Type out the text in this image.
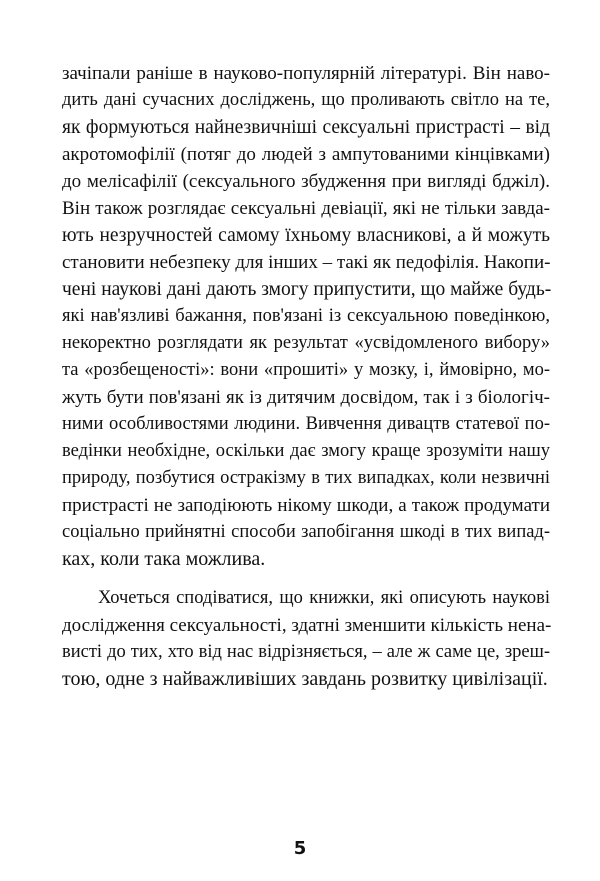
зачіпали раніше в науково-популярній літературі. Він наво-
дить дані сучасних досліджень, що проливають світло на те,
як формуються найнезвичніші сексуальні пристрасті – від
акротомофілії (потяг до людей з ампутованими кінцівками)
до мелісафілії (сексуального збудження при вигляді бджіл).
Він також розглядає сексуальні девіації, які не тільки завда-
ють незручностей самому їхньому власникові, а й можуть
становити небезпеку для інших – такі як педофілія. Накопи-
чені наукові дані дають змогу припустити, що майже будь-
які нав'язливі бажання, пов'язані із сексуальною поведінкою,
некоректно розглядати як результат «усвідомленого вибору»
та «розбещеності»: вони «прошиті» у мозку, і, ймовірно, мо-
жуть бути пов'язані як із дитячим досвідом, так і з біологіч-
ними особливостями людини. Вивчення дивацтв статевої по-
ведінки необхідне, оскільки дає змогу краще зрозуміти нашу
природу, позбутися остракізму в тих випадках, коли незвичні
пристрасті не заподіюють нікому шкоди, а також продумати
соціально прийнятні способи запобігання шкоді в тих випад-
ках, коли така можлива.
Хочеться сподіватися, що книжки, які описують наукові
дослідження сексуальності, здатні зменшити кількість нена-
висті до тих, хто від нас відрізняється, – але ж саме це, зреш-
тою, одне з найважливіших завдань розвитку цивілізації.
5
